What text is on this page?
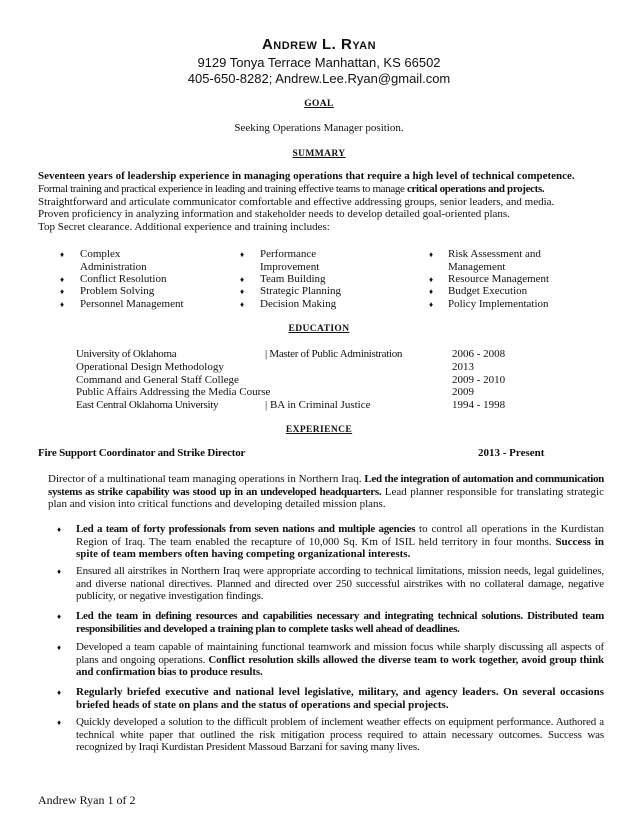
Andrew L. Ryan
9129 Tonya Terrace Manhattan, KS 66502
405-650-8282; Andrew.Lee.Ryan@gmail.com
GOAL
Seeking Operations Manager position.
SUMMARY
Seventeen years of leadership experience in managing operations that require a high level of technical competence.
Formal training and practical experience in leading and training effective teams to manage critical operations and projects.
Straightforward and articulate communicator comfortable and effective addressing groups, senior leaders, and media.
Proven proficiency in analyzing information and stakeholder needs to develop detailed goal-oriented plans.
Top Secret clearance. Additional experience and training includes:
♦ Complex Administration
♦ Conflict Resolution
♦ Problem Solving
♦ Personnel Management
♦ Performance Improvement
♦ Team Building
♦ Strategic Planning
♦ Decision Making
♦ Risk Assessment and Management
♦ Resource Management
♦ Budget Execution
♦ Policy Implementation
EDUCATION
University of Oklahoma	| Master of Public Administration	2006 - 2008
Operational Design Methodology	2013
Command and General Staff College	2009 - 2010
Public Affairs Addressing the Media Course	2009
East Central Oklahoma University	| BA in Criminal Justice	1994 - 1998
EXPERIENCE
Fire Support Coordinator and Strike Director	2013 - Present
Director of a multinational team managing operations in Northern Iraq. Led the integration of automation and communication systems as strike capability was stood up in an undeveloped headquarters. Lead planner responsible for translating strategic plan and vision into critical functions and developing detailed mission plans.
♦ Led a team of forty professionals from seven nations and multiple agencies to control all operations in the Kurdistan Region of Iraq. The team enabled the recapture of 10,000 Sq. Km of ISIL held territory in four months. Success in spite of team members often having competing organizational interests.
♦ Ensured all airstrikes in Northern Iraq were appropriate according to technical limitations, mission needs, legal guidelines, and diverse national directives. Planned and directed over 250 successful airstrikes with no collateral damage, negative publicity, or negative investigation findings.
♦ Led the team in defining resources and capabilities necessary and integrating technical solutions. Distributed team responsibilities and developed a training plan to complete tasks well ahead of deadlines.
♦ Developed a team capable of maintaining functional teamwork and mission focus while sharply discussing all aspects of plans and ongoing operations. Conflict resolution skills allowed the diverse team to work together, avoid group think and confirmation bias to produce results.
♦ Regularly briefed executive and national level legislative, military, and agency leaders. On several occasions briefed heads of state on plans and the status of operations and special projects.
♦ Quickly developed a solution to the difficult problem of inclement weather effects on equipment performance. Authored a technical white paper that outlined the risk mitigation process required to attain necessary outcomes. Success was recognized by Iraqi Kurdistan President Massoud Barzani for saving many lives.
Andrew Ryan 1 of 2
